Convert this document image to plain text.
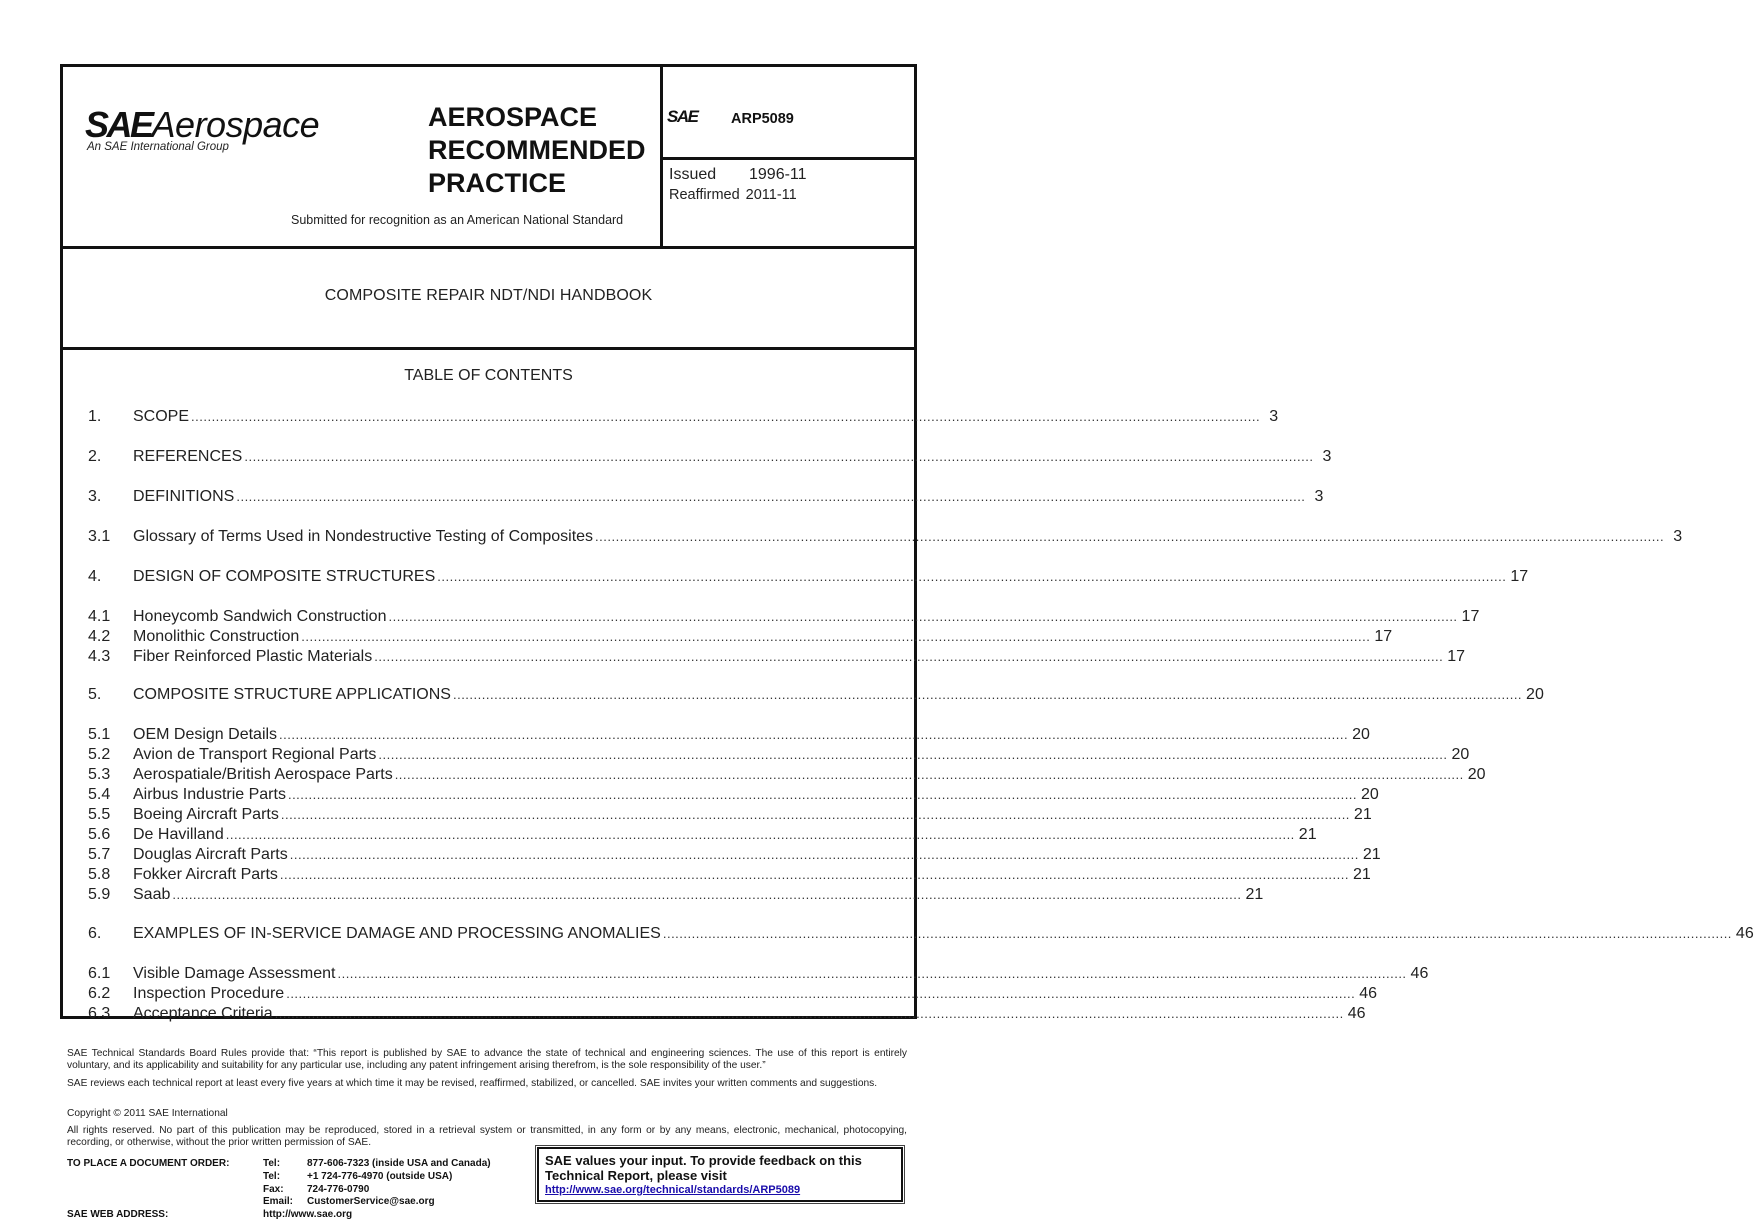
SAEAerospace
An SAE International Group
AEROSPACE
RECOMMENDED
PRACTICE
Submitted for recognition as an American National Standard
SAE ARP5089
Issued 1996-11
Reaffirmed 2011-11
COMPOSITE REPAIR NDT/NDI HANDBOOK
TABLE OF CONTENTS
1. SCOPE .................................................................................................................................................................................................................................................................... 3
2. REFERENCES .................................................................................................................................................................................................................................................................... 3
3. DEFINITIONS .................................................................................................................................................................................................................................................................... 3
3.1 Glossary of Terms Used in Nondestructive Testing of Composites .................................................................................................................................................................................................................................................................... 3
4. DESIGN OF COMPOSITE STRUCTURES .................................................................................................................................................................................................................................................................... 17
4.1 Honeycomb Sandwich Construction .................................................................................................................................................................................................................................................................... 17
4.2 Monolithic Construction .................................................................................................................................................................................................................................................................... 17
4.3 Fiber Reinforced Plastic Materials .................................................................................................................................................................................................................................................................... 17
5. COMPOSITE STRUCTURE APPLICATIONS .................................................................................................................................................................................................................................................................... 20
5.1 OEM Design Details .................................................................................................................................................................................................................................................................... 20
5.2 Avion de Transport Regional Parts .................................................................................................................................................................................................................................................................... 20
5.3 Aerospatiale/British Aerospace Parts .................................................................................................................................................................................................................................................................... 20
5.4 Airbus Industrie Parts .................................................................................................................................................................................................................................................................... 20
5.5 Boeing Aircraft Parts .................................................................................................................................................................................................................................................................... 21
5.6 De Havilland .................................................................................................................................................................................................................................................................... 21
5.7 Douglas Aircraft Parts .................................................................................................................................................................................................................................................................... 21
5.8 Fokker Aircraft Parts .................................................................................................................................................................................................................................................................... 21
5.9 Saab .................................................................................................................................................................................................................................................................... 21
6. EXAMPLES OF IN-SERVICE DAMAGE AND PROCESSING ANOMALIES .................................................................................................................................................................................................................................................................... 46
6.1 Visible Damage Assessment .................................................................................................................................................................................................................................................................... 46
6.2 Inspection Procedure .................................................................................................................................................................................................................................................................... 46
6.3 Acceptance Criteria .................................................................................................................................................................................................................................................................... 46
SAE Technical Standards Board Rules provide that: “This report is published by SAE to advance the state of technical and engineering sciences. The use of this report is entirely voluntary, and its applicability and suitability for any particular use, including any patent infringement arising therefrom, is the sole responsibility of the user.”
SAE reviews each technical report at least every five years at which time it may be revised, reaffirmed, stabilized, or cancelled. SAE invites your written comments and suggestions.
Copyright © 2011 SAE International
All rights reserved. No part of this publication may be reproduced, stored in a retrieval system or transmitted, in any form or by any means, electronic, mechanical, photocopying, recording, or otherwise, without the prior written permission of SAE.
TO PLACE A DOCUMENT ORDER:	Tel:	877-606-7323 (inside USA and Canada)
Tel:	+1 724-776-4970 (outside USA)
Fax: 724-776-0790
Email: CustomerService@sae.org
SAE WEB ADDRESS:	http://www.sae.org
SAE values your input. To provide feedback on this Technical Report, please visit
http://www.sae.org/technical/standards/ARP5089
